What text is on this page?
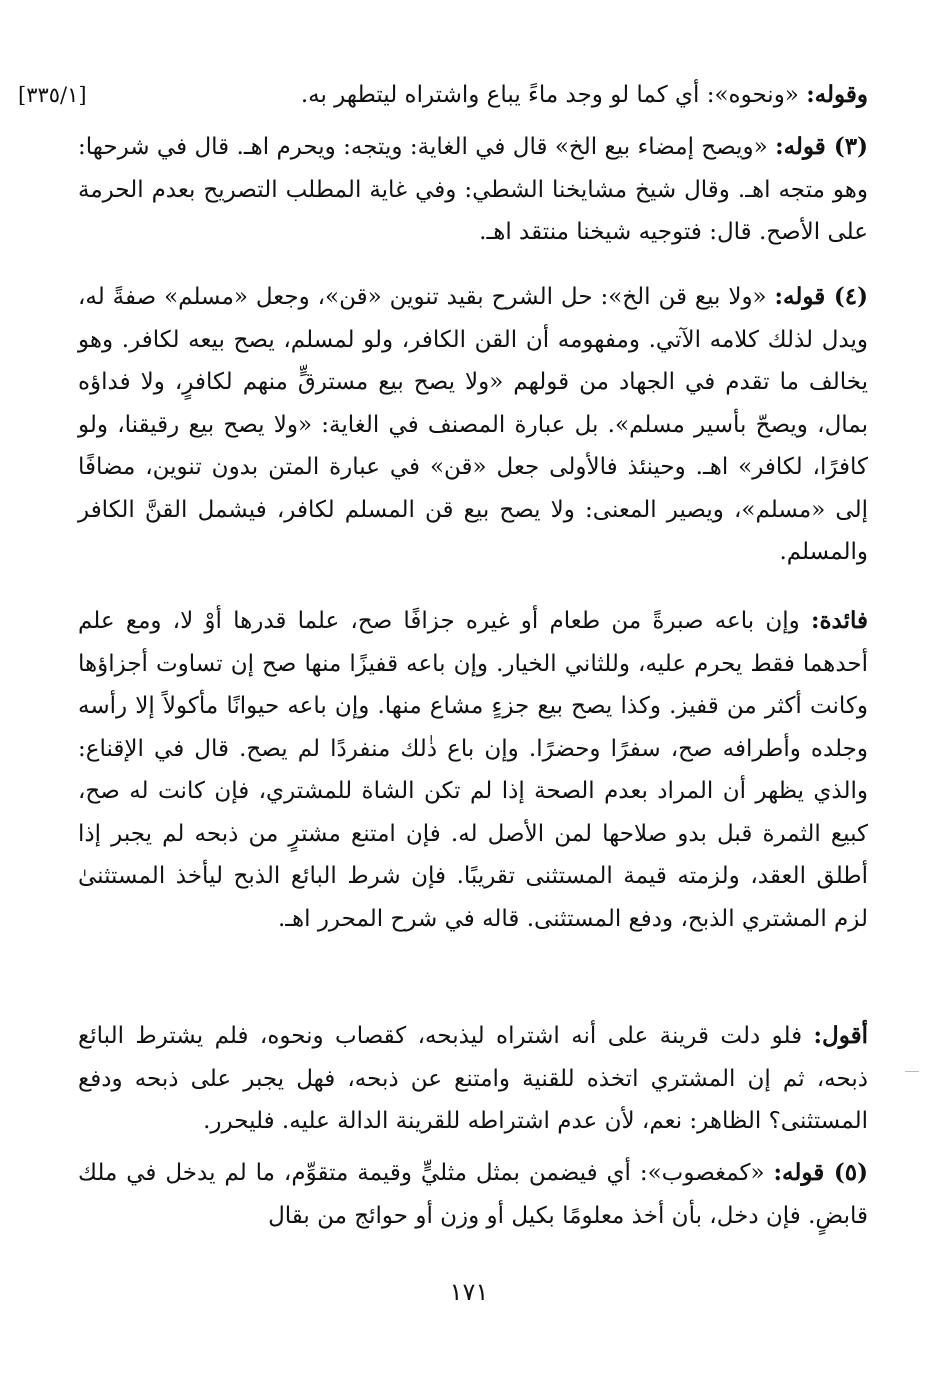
وقوله: «ونحوه»: أي كما لو وجد ماءً يباع واشتراه ليتطهر به.
[٣٣٥/١]

(٣) قوله: «ويصح إمضاء بيع الخ» قال في الغاية: ويتجه: ويحرم اهـ. قال في شرحها: وهو متجه اهـ. وقال شيخ مشايخنا الشطي: وفي غاية المطلب التصريح بعدم الحرمة على الأصح. قال: فتوجيه شيخنا منتقد اهـ.

(٤) قوله: «ولا بيع قن الخ»: حل الشرح بقيد تنوين «قن»، وجعل «مسلم» صفةً له، ويدل لذلك كلامه الآتي. ومفهومه أن القن الكافر، ولو لمسلم، يصح بيعه لكافر. وهو يخالف ما تقدم في الجهاد من قولهم «ولا يصح بيع مسترقٍّ منهم لكافرٍ، ولا فداؤه بمال، ويصحّ بأسير مسلم». بل عبارة المصنف في الغاية: «ولا يصح بيع رقيقنا، ولو كافرًا، لكافر» اهـ. وحينئذ فالأولى جعل «قن» في عبارة المتن بدون تنوين، مضافًا إلى «مسلم»، ويصير المعنى: ولا يصح بيع قن المسلم لكافر، فيشمل القنَّ الكافر والمسلم.

فائدة: وإن باعه صبرةً من طعام أو غيره جزافًا صح، علما قدرها أوْ لا، ومع علم أحدهما فقط يحرم عليه، وللثاني الخيار. وإن باعه قفيزًا منها صح إن تساوت أجزاؤها وكانت أكثر من قفيز. وكذا يصح بيع جزءٍ مشاع منها. وإن باعه حيوانًا مأكولاً إلا رأسه وجلده وأطرافه صح، سفرًا وحضرًا. وإن باع ذٰلك منفردًا لم يصح. قال في الإقناع: والذي يظهر أن المراد بعدم الصحة إذا لم تكن الشاة للمشتري، فإن كانت له صح، كبيع الثمرة قبل بدو صلاحها لمن الأصل له. فإن امتنع مشترٍ من ذبحه لم يجبر إذا أطلق العقد، ولزمته قيمة المستثنى تقريبًا. فإن شرط البائع الذبح ليأخذ المستثنىٰ لزم المشتري الذبح، ودفع المستثنى. قاله في شرح المحرر اهـ.

أقول: فلو دلت قرينة على أنه اشتراه ليذبحه، كقصاب ونحوه، فلم يشترط البائع ذبحه، ثم إن المشتري اتخذه للقنية وامتنع عن ذبحه، فهل يجبر على ذبحه ودفع المستثنى؟ الظاهر: نعم، لأن عدم اشتراطه للقرينة الدالة عليه. فليحرر.

(٥) قوله: «كمغصوب»: أي فيضمن بمثل مثليٍّ وقيمة متقوِّم، ما لم يدخل في ملك قابضٍ. فإن دخل، بأن أخذ معلومًا بكيل أو وزن أو حوائج من بقال

١٧١
